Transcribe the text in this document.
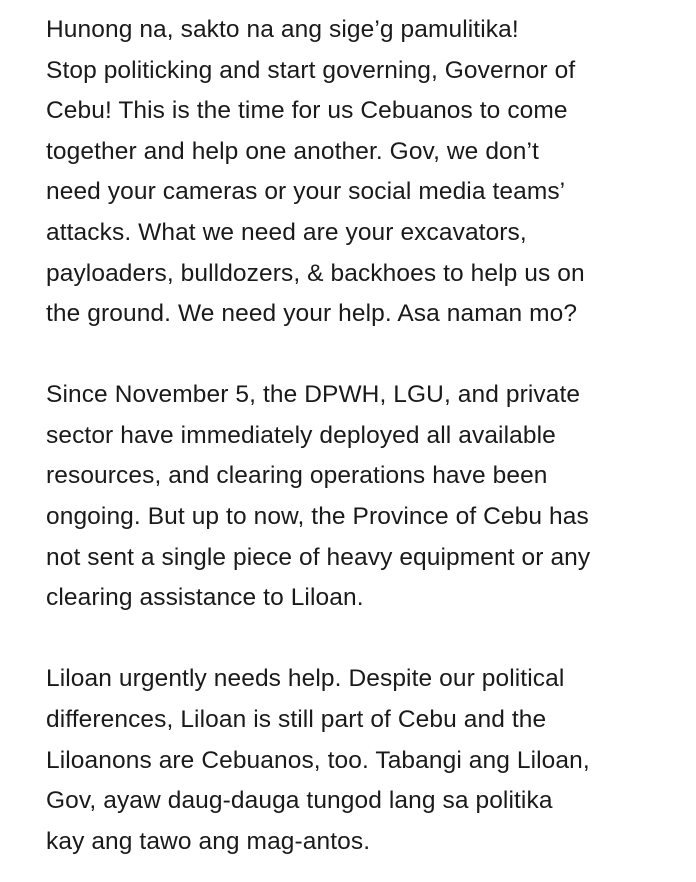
Hunong na, sakto na ang sige’g pamulitika!
Stop politicking and start governing, Governor of
Cebu! This is the time for us Cebuanos to come
together and help one another. Gov, we don’t
need your cameras or your social media teams’
attacks. What we need are your excavators,
payloaders, bulldozers, & backhoes to help us on
the ground. We need your help. Asa naman mo?
Since November 5, the DPWH, LGU, and private
sector have immediately deployed all available
resources, and clearing operations have been
ongoing. But up to now, the Province of Cebu has
not sent a single piece of heavy equipment or any
clearing assistance to Liloan.
Liloan urgently needs help. Despite our political
differences, Liloan is still part of Cebu and the
Liloanons are Cebuanos, too. Tabangi ang Liloan,
Gov, ayaw daug-dauga tungod lang sa politika
kay ang tawo ang mag-antos.
